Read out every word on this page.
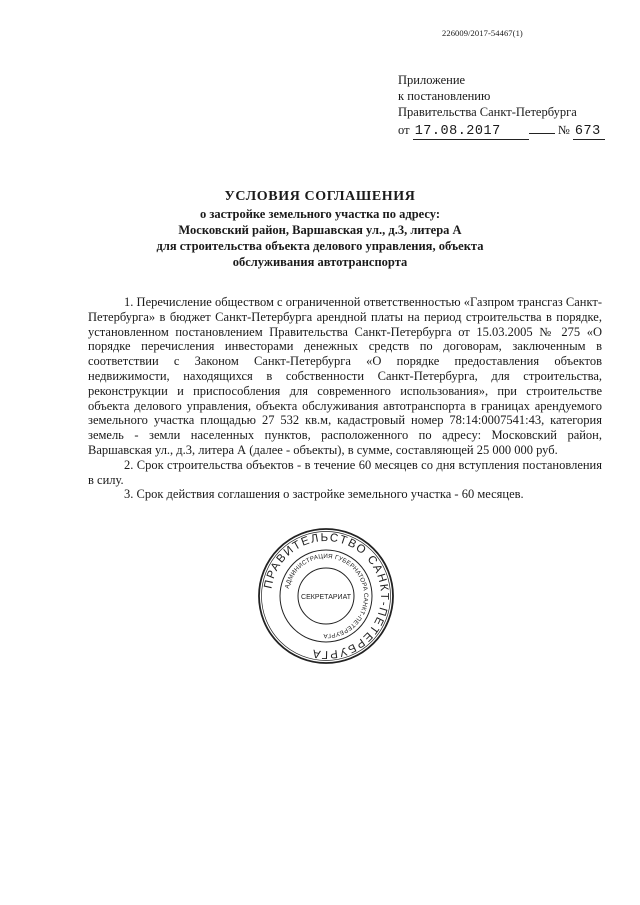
226009/2017-54467(1)
Приложение
к постановлению
Правительства Санкт-Петербурга
от 17.08.2017	№ 673
УСЛОВИЯ СОГЛАШЕНИЯ
о застройке земельного участка по адресу:
Московский район, Варшавская ул., д.3, литера А
для строительства объекта делового управления, объекта
обслуживания автотранспорта

1. Перечисление обществом с ограниченной ответственностью «Газпром трансгаз Санкт-Петербурга» в бюджет Санкт-Петербурга арендной платы на период строительства в порядке, установленном постановлением Правительства Санкт-Петербурга от 15.03.2005 № 275 «О порядке перечисления инвесторами денежных средств по договорам, заключенным в соответствии с Законом Санкт-Петербурга «О порядке предоставления объектов недвижимости, находящихся в собственности Санкт-Петербурга, для строительства, реконструкции и приспособления для современного использования», при строительстве объекта делового управления, объекта обслуживания автотранспорта в границах арендуемого земельного участка площадью 27 532 кв.м, кадастровый номер 78:14:0007541:43, категория земель - земли населенных пунктов, расположенного по адресу: Московский район, Варшавская ул., д.3, литера А (далее - объекты), в сумме, составляющей 25 000 000 руб.

2. Срок строительства объектов - в течение 60 месяцев со дня вступления постановления в силу.

3. Срок действия соглашения о застройке земельного участка - 60 месяцев.

ПРАВИТЕЛЬСТВО САНКТ-ПЕТЕРБУРГА
АДМИНИСТРАЦИЯ ГУБЕРНАТОРА САНКТ-ПЕТЕРБУРГА
СЕКРЕТАРИАТ
